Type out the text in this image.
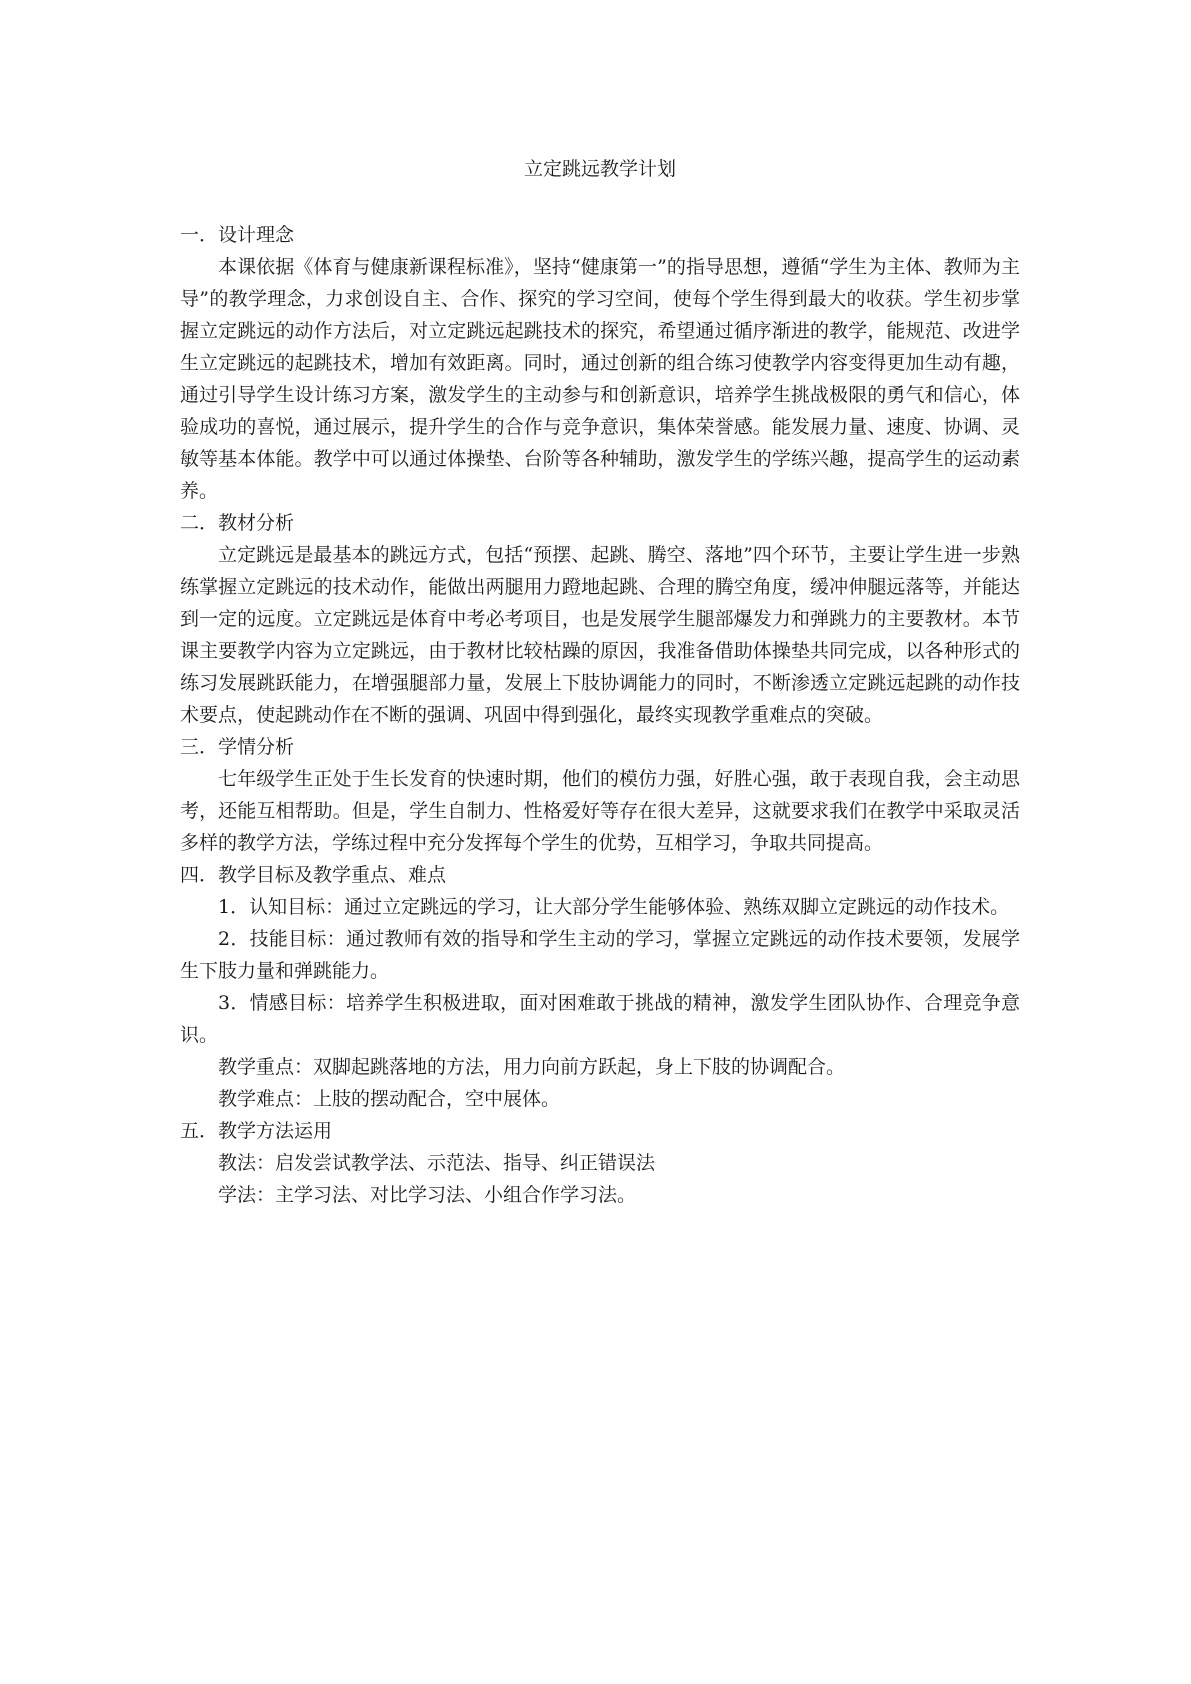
立定跳远教学计划

一．设计理念

本课依据《体育与健康新课程标准》，坚持“健康第一”的指导思想，遵循“学生为主体、教师为主导”的教学理念，力求创设自主、合作、探究的学习空间，使每个学生得到最大的收获。学生初步掌握立定跳远的动作方法后，对立定跳远起跳技术的探究，希望通过循序渐进的教学，能规范、改进学生立定跳远的起跳技术，增加有效距离。同时，通过创新的组合练习使教学内容变得更加生动有趣，通过引导学生设计练习方案，激发学生的主动参与和创新意识，培养学生挑战极限的勇气和信心，体验成功的喜悦，通过展示，提升学生的合作与竞争意识，集体荣誉感。能发展力量、速度、协调、灵敏等基本体能。教学中可以通过体操垫、台阶等各种辅助，激发学生的学练兴趣，提高学生的运动素养。

二．教材分析

立定跳远是最基本的跳远方式，包括“预摆、起跳、腾空、落地”四个环节，主要让学生进一步熟练掌握立定跳远的技术动作，能做出两腿用力蹬地起跳、合理的腾空角度，缓冲伸腿远落等，并能达到一定的远度。立定跳远是体育中考必考项目，也是发展学生腿部爆发力和弹跳力的主要教材。本节课主要教学内容为立定跳远，由于教材比较枯躁的原因，我准备借助体操垫共同完成，以各种形式的练习发展跳跃能力，在增强腿部力量，发展上下肢协调能力的同时，不断渗透立定跳远起跳的动作技术要点，使起跳动作在不断的强调、巩固中得到强化，最终实现教学重难点的突破。

三．学情分析

七年级学生正处于生长发育的快速时期，他们的模仿力强，好胜心强，敢于表现自我，会主动思考，还能互相帮助。但是，学生自制力、性格爱好等存在很大差异，这就要求我们在教学中采取灵活多样的教学方法，学练过程中充分发挥每个学生的优势，互相学习，争取共同提高。

四．教学目标及教学重点、难点

1．认知目标：通过立定跳远的学习，让大部分学生能够体验、熟练双脚立定跳远的动作技术。

2．技能目标：通过教师有效的指导和学生主动的学习，掌握立定跳远的动作技术要领，发展学生下肢力量和弹跳能力。

3．情感目标：培养学生积极进取，面对困难敢于挑战的精神，激发学生团队协作、合理竞争意识。

教学重点：双脚起跳落地的方法，用力向前方跃起，身上下肢的协调配合。

教学难点：上肢的摆动配合，空中展体。

五．教学方法运用

教法：启发尝试教学法、示范法、指导、纠正错误法

学法：主学习法、对比学习法、小组合作学习法。
